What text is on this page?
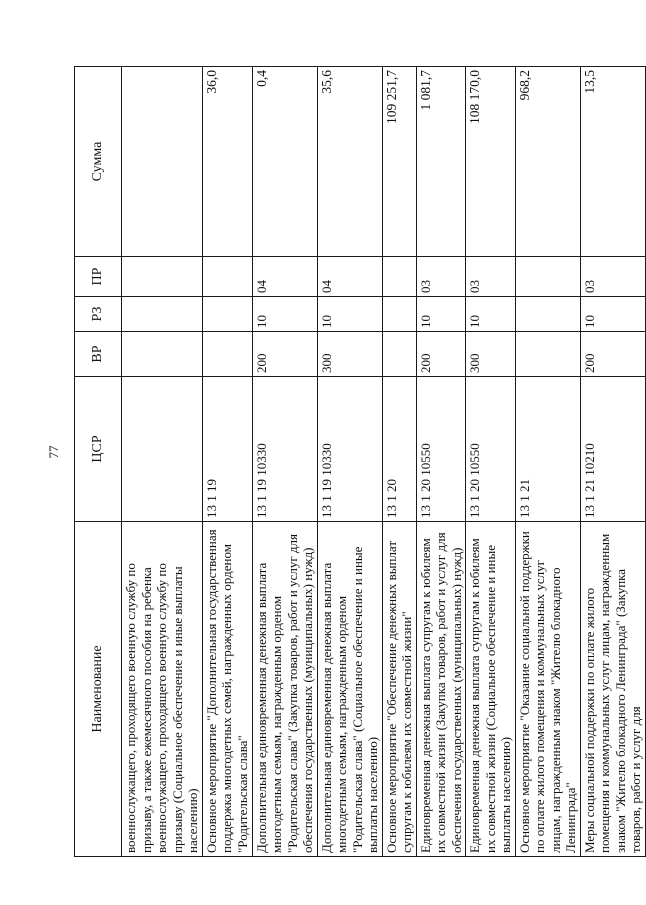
77
Наименование	ЦСР	ВР	РЗ	ПР	Сумма
военнослужащего, проходящего военную службу по призыву, а также ежемесячного пособия на ребенка военнослужащего, проходящего военную службу по призыву (Социальное обеспечение и иные выплаты населению)					
Основное мероприятие "Дополнительная государственная поддержка многодетных семей, награжденных орденом "Родительская слава"	13 1 19				36,0
Дополнительная единовременная денежная выплата многодетным семьям, награжденным орденом "Родительская слава" (Закупка товаров, работ и услуг для обеспечения государственных (муниципальных) нужд)	13 1 19 10330	200	10	04	0,4
Дополнительная единовременная денежная выплата многодетным семьям, награжденным орденом "Родительская слава" (Социальное обеспечение и иные выплаты населению)	13 1 19 10330	300	10	04	35,6
Основное мероприятие "Обеспечение денежных выплат супругам к юбилеям их совместной жизни"	13 1 20				109 251,7
Единовременная денежная выплата супругам к юбилеям их совместной жизни (Закупка товаров, работ и услуг для обеспечения государственных (муниципальных) нужд)	13 1 20 10550	200	10	03	1 081,7
Единовременная денежная выплата супругам к юбилеям их совместной жизни (Социальное обеспечение и иные выплаты населению)	13 1 20 10550	300	10	03	108 170,0
Основное мероприятие "Оказание социальной поддержки по оплате жилого помещения и коммунальных услуг лицам, награжденным знаком "Жителю блокадного Ленинграда"	13 1 21				968,2
Меры социальной поддержки по оплате жилого помещения и коммунальных услуг лицам, награжденным знаком "Жителю блокадного Ленинграда" (Закупка товаров, работ и услуг для	13 1 21 10210	200	10	03	13,5
